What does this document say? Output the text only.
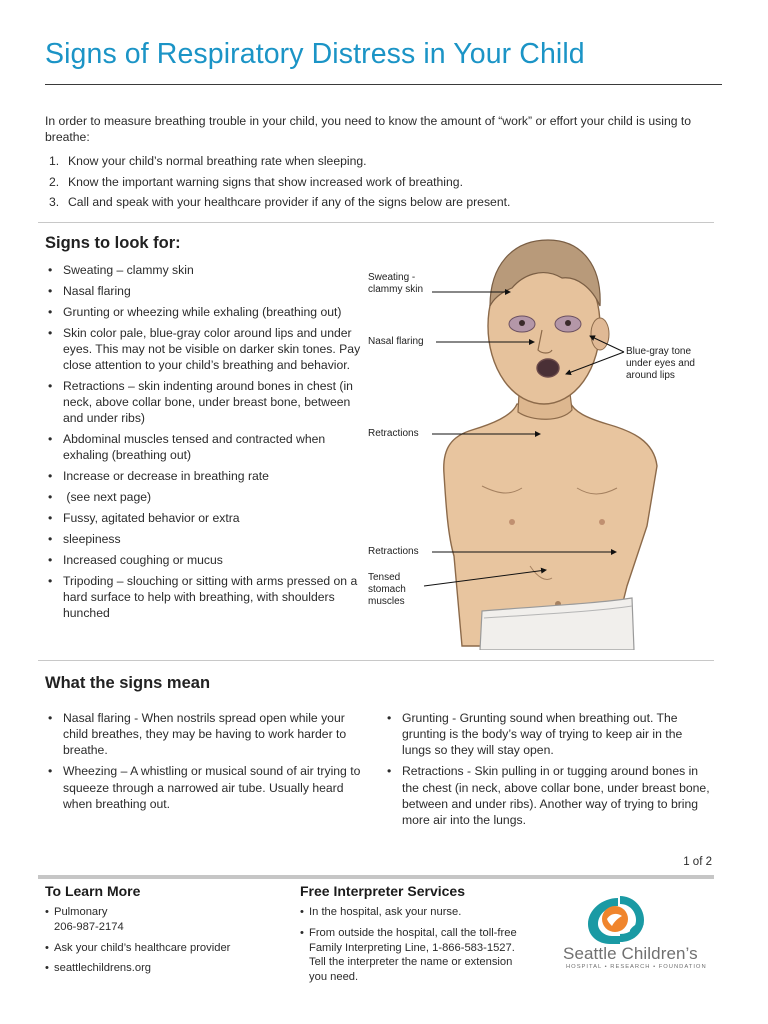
Signs of Respiratory Distress in Your Child

In order to measure breathing trouble in your child, you need to know the amount of “work” or effort your child is using to breathe:

1. Know your child’s normal breathing rate when sleeping.
2. Know the important warning signs that show increased work of breathing.
3. Call and speak with your healthcare provider if any of the signs below are present.
Signs to look for:
• Sweating – clammy skin
• Nasal flaring
• Grunting or wheezing while exhaling (breathing out)
• Skin color pale, blue-gray color around lips and under eyes. This may not be visible on darker skin tones. Pay close attention to your child’s breathing and behavior.
• Retractions – skin indenting around bones in chest (in neck, above collar bone, under breast bone, between and under ribs)
• Abdominal muscles tensed and contracted when exhaling (breathing out)
• Increase or decrease in breathing rate
• (see next page)
• Fussy, agitated behavior or extra
• sleepiness
• Increased coughing or mucus
• Tripoding – slouching or sitting with arms pressed on a hard surface to help with breathing, with shoulders hunched
Sweating -
clammy skin
Nasal flaring
Blue-gray tone
under eyes and
around lips
Retractions
Retractions
Tensed
stomach
muscles
What the signs mean
• Nasal flaring - When nostrils spread open while your child breathes, they may be having to work harder to breathe.
• Wheezing – A whistling or musical sound of air trying to squeeze through a narrowed air tube. Usually heard when breathing out.
• Grunting - Grunting sound when breathing out. The grunting is the body’s way of trying to keep air in the lungs so they will stay open.
• Retractions - Skin pulling in or tugging around bones in the chest (in neck, above collar bone, under breast bone, between and under ribs). Another way of trying to bring more air into the lungs.
1 of 2
To Learn More
• Pulmonary
206-987-2174
• Ask your child’s healthcare provider
• seattlechildrens.org
Free Interpreter Services
• In the hospital, ask your nurse.
• From outside the hospital, call the toll-free Family Interpreting Line, 1-866-583-1527. Tell the interpreter the name or extension you need.
Seattle Children’s
HOSPITAL • RESEARCH • FOUNDATION
